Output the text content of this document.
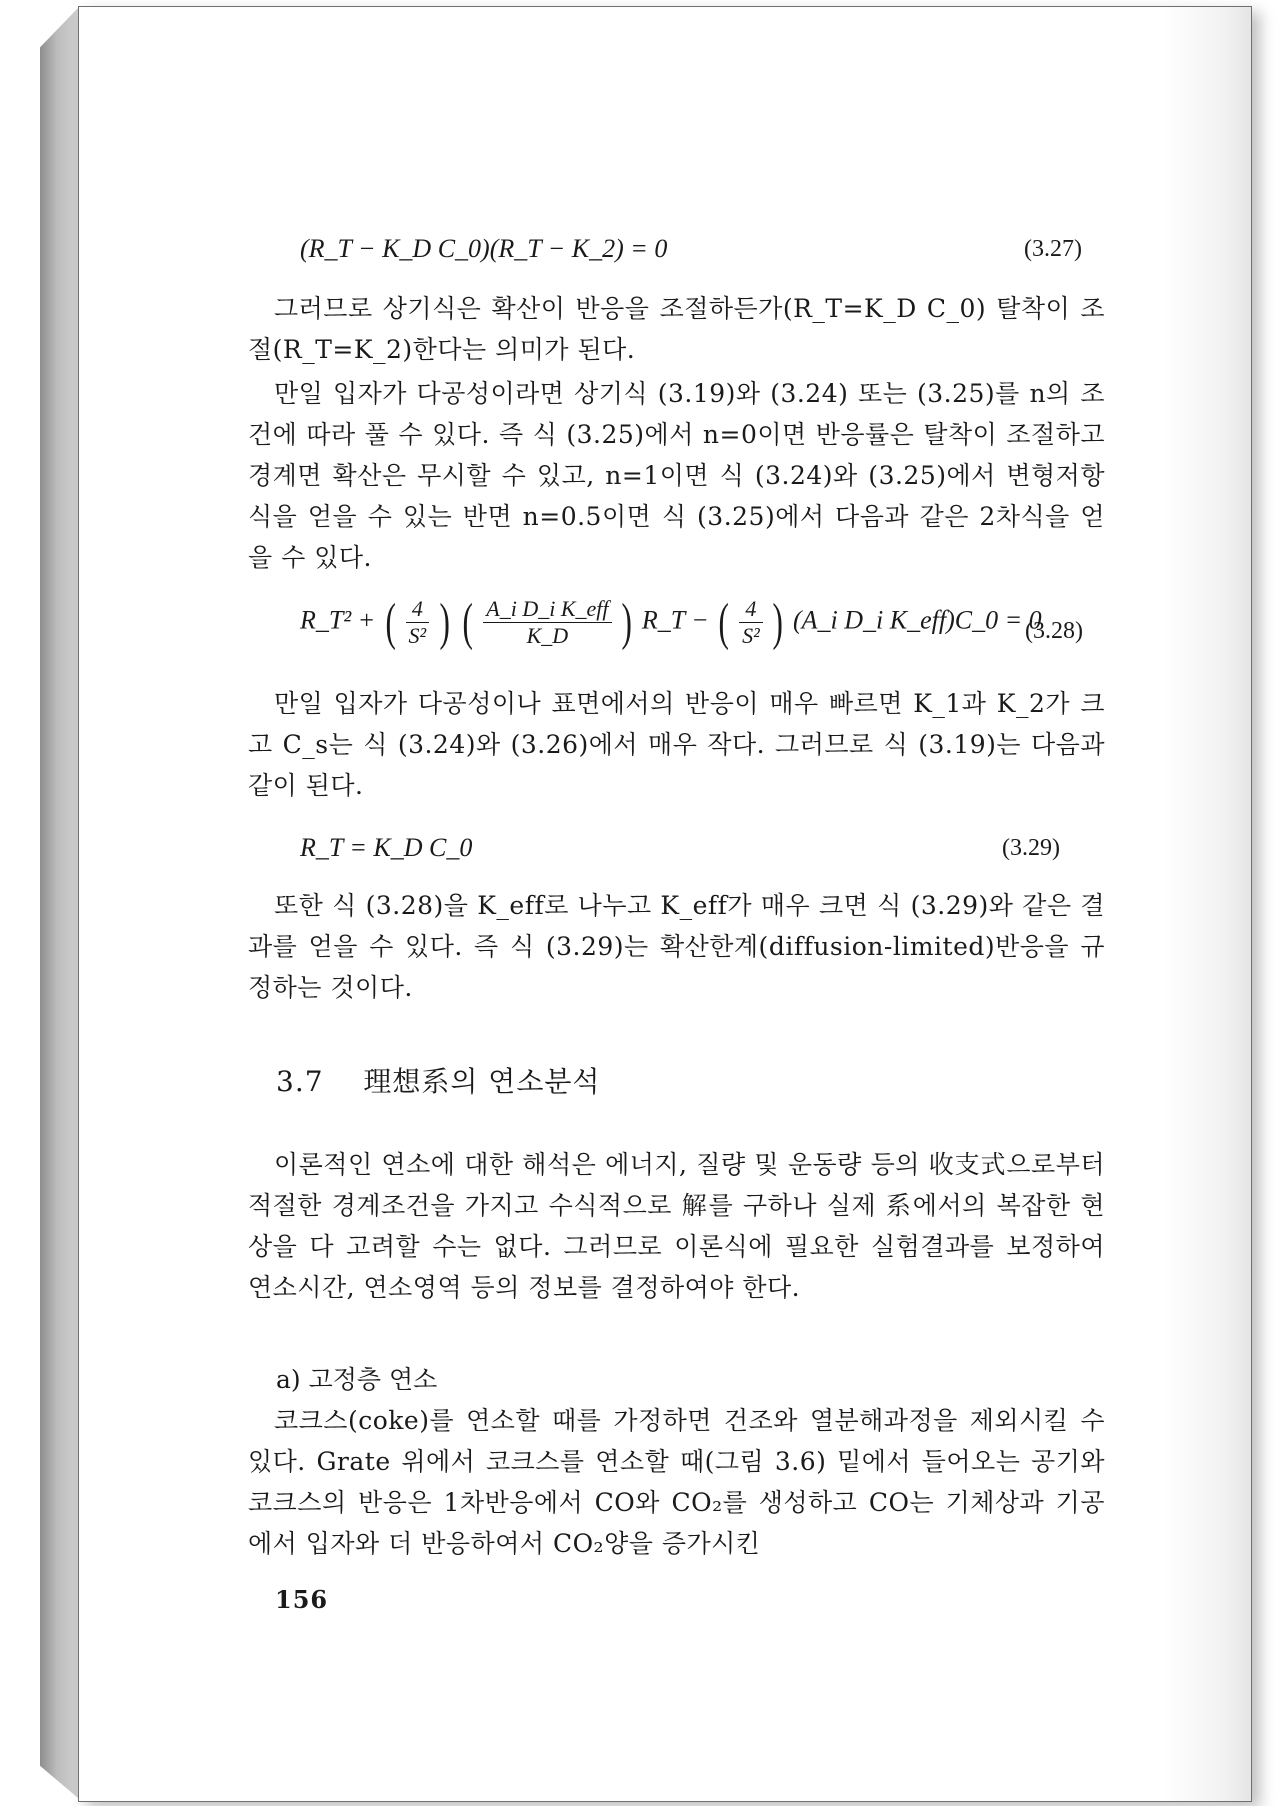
(R_T − K_D C_0)(R_T − K_2) = 0	(3.27)

그러므로 상기식은 확산이 반응을 조절하든가(R_T=K_D C_0) 탈착이 조절(R_T=K_2)한다는 의미가 된다.

만일 입자가 다공성이라면 상기식 (3.19)와 (3.24) 또는 (3.25)를 n의 조건에 따라 풀 수 있다. 즉 식 (3.25)에서 n=0이면 반응률은 탈착이 조절하고 경계면 확산은 무시할 수 있고, n=1이면 식 (3.24)와 (3.25)에서 변형저항식을 얻을 수 있는 반면 n=0.5이면 식 (3.25)에서 다음과 같은 2차식을 얻을 수 있다.

R_T² + ( $\frac{4}{\text{S²}}$ ) ( $\frac{\text{A\_i D\_i K\_eff}}{K\_D}$ ) R_T − ( $\frac{4}{\text{S²}}$ ) (A_i D_i K_eff)C_0 = 0
(3.28)

만일 입자가 다공성이나 표면에서의 반응이 매우 빠르면 K_1과 K_2가 크고 C_s는 식 (3.24)와 (3.26)에서 매우 작다. 그러므로 식 (3.19)는 다음과 같이 된다.

R_T = K_D C_0	(3.29)

또한 식 (3.28)을 K_eff로 나누고 K_eff가 매우 크면 식 (3.29)와 같은 결과를 얻을 수 있다. 즉 식 (3.29)는 확산한계(diffusion-limited)반응을 규정하는 것이다.

3.7 理想系의 연소분석

이론적인 연소에 대한 해석은 에너지, 질량 및 운동량 등의 收支式으로부터 적절한 경계조건을 가지고 수식적으로 解를 구하나 실제 系에서의 복잡한 현상을 다 고려할 수는 없다. 그러므로 이론식에 필요한 실험결과를 보정하여 연소시간, 연소영역 등의 정보를 결정하여야 한다.

a) 고정층 연소

코크스(coke)를 연소할 때를 가정하면 건조와 열분해과정을 제외시킬 수 있다. Grate 위에서 코크스를 연소할 때(그림 3.6) 밑에서 들어오는 공기와 코크스의 반응은 1차반응에서 CO와 CO₂를 생성하고 CO는 기체상과 기공에서 입자와 더 반응하여서 CO₂양을 증가시킨

156
